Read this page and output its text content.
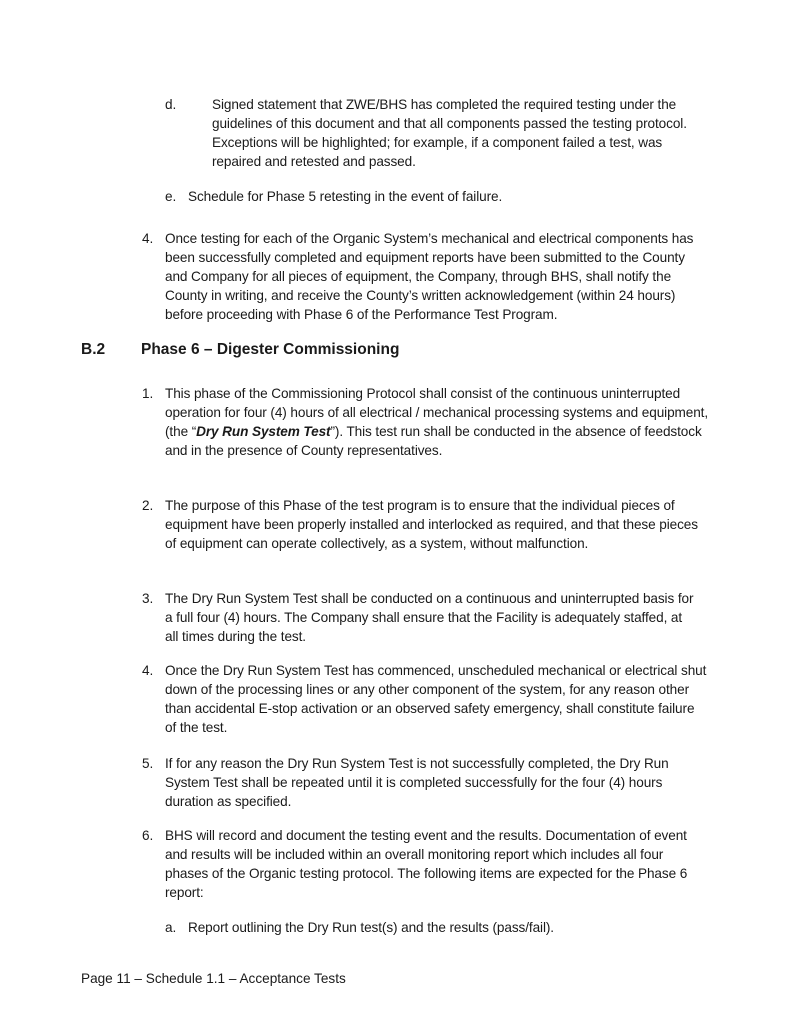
d.	Signed statement that ZWE/BHS has completed the required testing under the guidelines of this document and that all components passed the testing protocol. Exceptions will be highlighted; for example, if a component failed a test, was repaired and retested and passed.

e. Schedule for Phase 5 retesting in the event of failure.

4. Once testing for each of the Organic System’s mechanical and electrical components has been successfully completed and equipment reports have been submitted to the County and Company for all pieces of equipment, the Company, through BHS, shall notify the County in writing, and receive the County’s written acknowledgement (within 24 hours) before proceeding with Phase 6 of the Performance Test Program.

B.2 Phase 6 – Digester Commissioning
1. This phase of the Commissioning Protocol shall consist of the continuous uninterrupted operation for four (4) hours of all electrical / mechanical processing systems and equipment, (the “Dry Run System Test”). This test run shall be conducted in the absence of feedstock and in the presence of County representatives.

2. The purpose of this Phase of the test program is to ensure that the individual pieces of equipment have been properly installed and interlocked as required, and that these pieces of equipment can operate collectively, as a system, without malfunction.

3. The Dry Run System Test shall be conducted on a continuous and uninterrupted basis for a full four (4) hours. The Company shall ensure that the Facility is adequately staffed, at all times during the test.

4. Once the Dry Run System Test has commenced, unscheduled mechanical or electrical shut down of the processing lines or any other component of the system, for any reason other than accidental E-stop activation or an observed safety emergency, shall constitute failure of the test.

5. If for any reason the Dry Run System Test is not successfully completed, the Dry Run System Test shall be repeated until it is completed successfully for the four (4) hours duration as specified.

6. BHS will record and document the testing event and the results. Documentation of event and results will be included within an overall monitoring report which includes all four phases of the Organic testing protocol. The following items are expected for the Phase 6 report:

a. Report outlining the Dry Run test(s) and the results (pass/fail).

Page 11 – Schedule 1.1 – Acceptance Tests
